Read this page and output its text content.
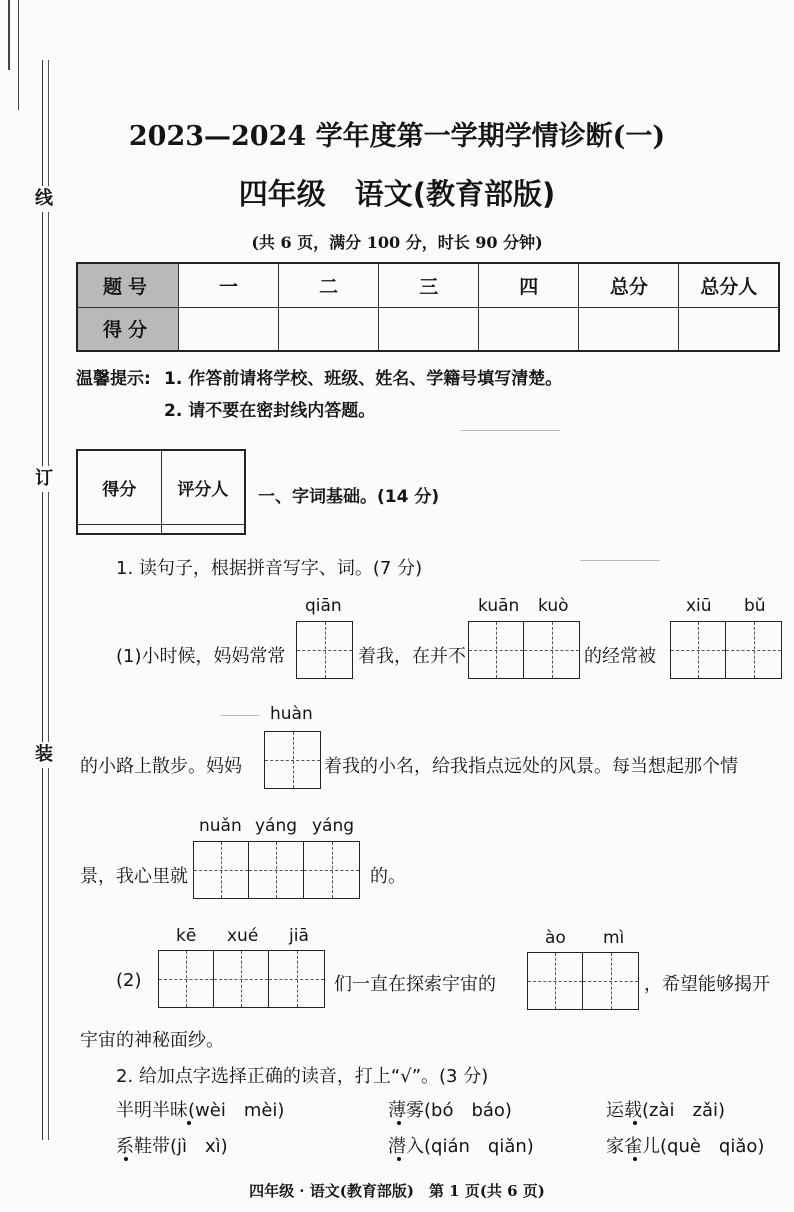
线
订
装
2023—2024 学年度第一学期学情诊断(一)
四年级　语文(教育部版)
(共 6 页，满分 100 分，时长 90 分钟)
题号	一	二	三	四	总分	总分人
得分						
温馨提示: 1. 作答前请将学校、班级、姓名、学籍号填写清楚。
2. 请不要在密封线内答题。
得分	评分人
	一、字词基础。(14 分)
1. 读句子，根据拼音写字、词。(7 分)
qiān	kuān kuò	xiū bǔ
(1)小时候，妈妈常常	着我，在并不	的经常被
huàn
的小路上散步。妈妈	着我的小名，给我指点远处的风景。每当想起那个情
nuǎn yáng yáng
景，我心里就	的。
kē xué jiā	ào mì
(2)	们一直在探索宇宙的	，希望能够揭开
宇宙的神秘面纱。
2. 给加点字选择正确的读音，打上“√”。(3 分)
半明半昧(wèi　mèi)	薄雾(bó　báo)	运载(zài　zǎi)
系鞋带(jì　xì)	潜入(qián　qiǎn)	家雀儿(què　qiǎo)
四年级 · 语文(教育部版)　第 1 页(共 6 页)
